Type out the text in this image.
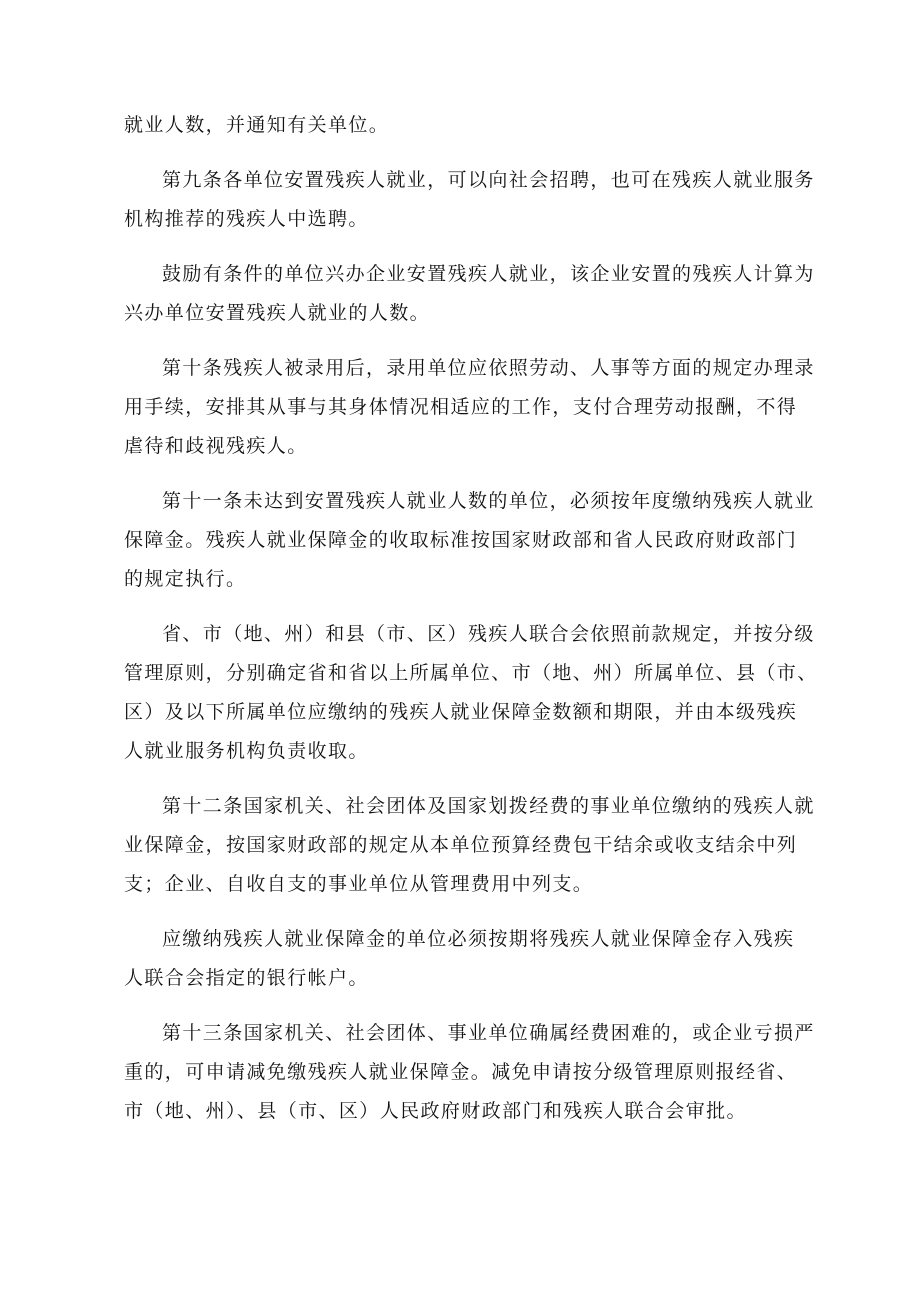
就业人数，并通知有关单位。
第九条各单位安置残疾人就业，可以向社会招聘，也可在残疾人就业服务
机构推荐的残疾人中选聘。
鼓励有条件的单位兴办企业安置残疾人就业，该企业安置的残疾人计算为
兴办单位安置残疾人就业的人数。
第十条残疾人被录用后，录用单位应依照劳动、人事等方面的规定办理录
用手续，安排其从事与其身体情况相适应的工作，支付合理劳动报酬，不得
虐待和歧视残疾人。
第十一条未达到安置残疾人就业人数的单位，必须按年度缴纳残疾人就业
保障金。残疾人就业保障金的收取标准按国家财政部和省人民政府财政部门
的规定执行。
省、市（地、州）和县（市、区）残疾人联合会依照前款规定，并按分级
管理原则，分别确定省和省以上所属单位、市（地、州）所属单位、县（市、
区）及以下所属单位应缴纳的残疾人就业保障金数额和期限，并由本级残疾
人就业服务机构负责收取。
第十二条国家机关、社会团体及国家划拨经费的事业单位缴纳的残疾人就
业保障金，按国家财政部的规定从本单位预算经费包干结余或收支结余中列
支；企业、自收自支的事业单位从管理费用中列支。
应缴纳残疾人就业保障金的单位必须按期将残疾人就业保障金存入残疾
人联合会指定的银行帐户。
第十三条国家机关、社会团体、事业单位确属经费困难的，或企业亏损严
重的，可申请减免缴残疾人就业保障金。减免申请按分级管理原则报经省、
市（地、州）、县（市、区）人民政府财政部门和残疾人联合会审批。
